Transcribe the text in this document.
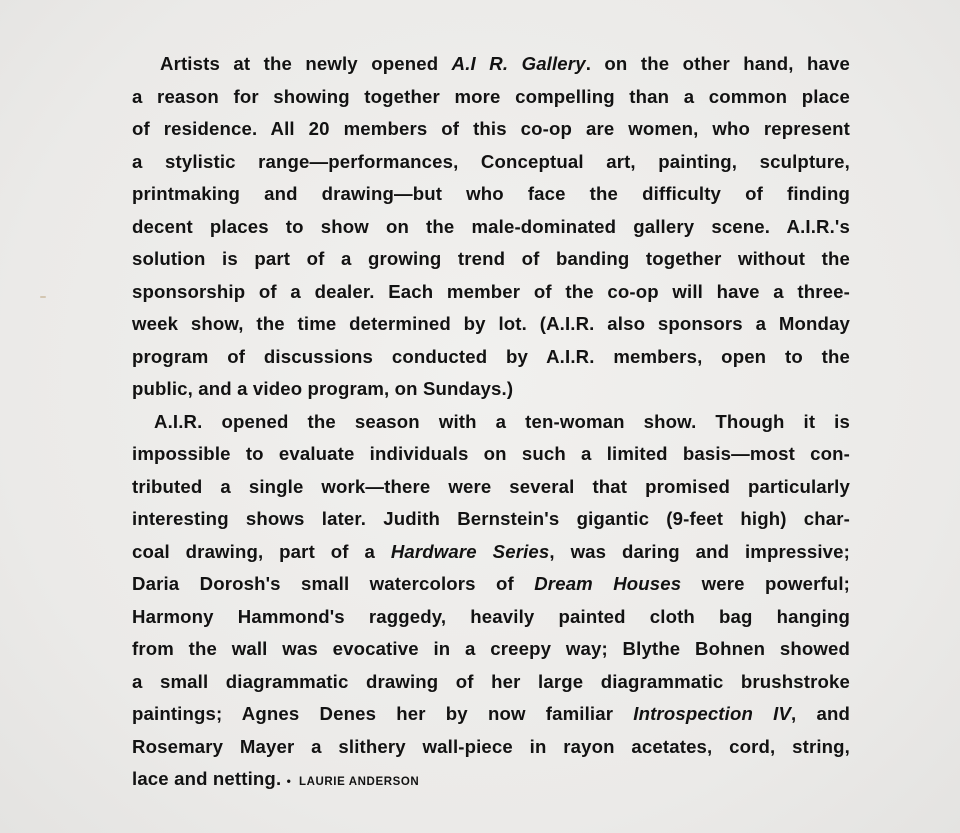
Artists at the newly opened A.I R. Gallery. on the other hand, have
a reason for showing together more compelling than a common place
of residence. All 20 members of this co-op are women, who represent
a stylistic range—performances, Conceptual art, painting, sculpture,
printmaking and drawing—but who face the difficulty of finding
decent places to show on the male-dominated gallery scene. A.I.R.'s
solution is part of a growing trend of banding together without the
sponsorship of a dealer. Each member of the co-op will have a three-
week show, the time determined by lot. (A.I.R. also sponsors a Monday
program of discussions conducted by A.I.R. members, open to the
public, and a video program, on Sundays.)
A.I.R. opened the season with a ten-woman show. Though it is
impossible to evaluate individuals on such a limited basis—most con-
tributed a single work—there were several that promised particularly
interesting shows later. Judith Bernstein's gigantic (9-feet high) char-
coal drawing, part of a Hardware Series, was daring and impressive;
Daria Dorosh's small watercolors of Dream Houses were powerful;
Harmony Hammond's raggedy, heavily painted cloth bag hanging
from the wall was evocative in a creepy way; Blythe Bohnen showed
a small diagrammatic drawing of her large diagrammatic brushstroke
paintings; Agnes Denes her by now familiar Introspection IV, and
Rosemary Mayer a slithery wall-piece in rayon acetates, cord, string,
lace and netting. • LAURIE ANDERSON
